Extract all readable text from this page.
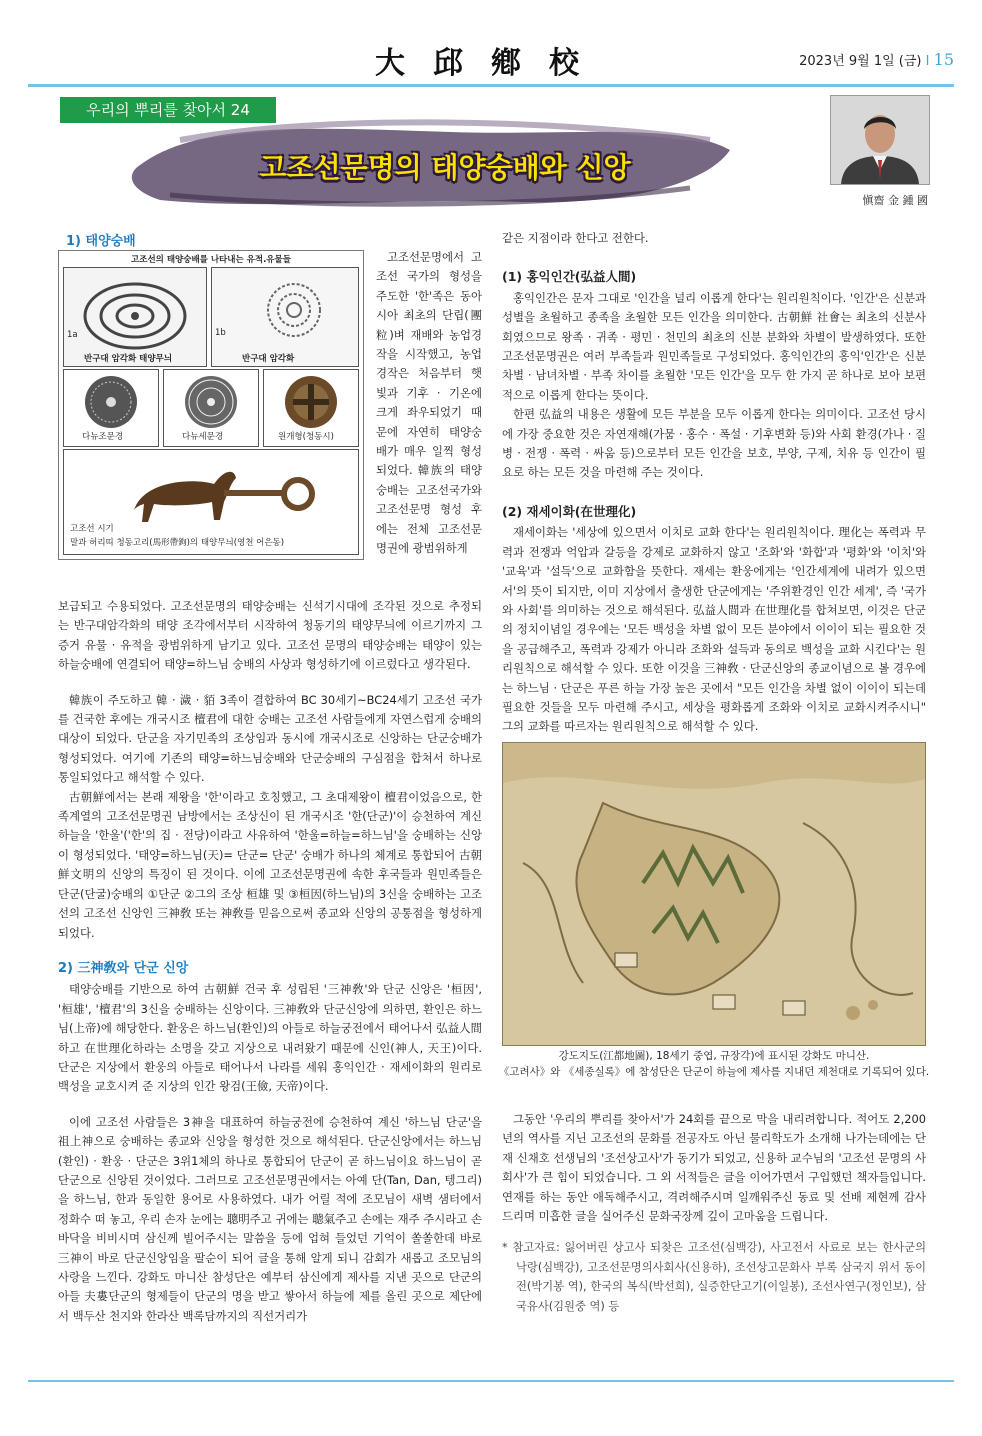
大邱鄕校	2023년 9월 1일 (금) I 15
우리의 뿌리를 찾아서 24
고조선문명의 태양숭배와 신앙
愼齋 金 鍾 國
1) 태양숭배
고조선의 태양숭배를 나타내는 유적.유물들
1a
반구대 암각화 태양무늬
1b
반구대 암각화
다뉴조문경	다뉴세문경	원개형(청동시)
고조선 시기
말과 허리띠 청동고리(馬形帶鉤)의 태양무늬(영천 어은동)

고조선문명에서 고조선 국가의 형성을 주도한 '한'족은 동아시아 최초의 단립(團粒)벼 재배와 농업경작을 시작했고, 농업경작은 처음부터 햇빛과 기후 · 기온에 크게 좌우되었기 때문에 자연히 태양숭배가 매우 일찍 형성되었다. 韓族의 태양숭배는 고조선국가와 고조선문명 형성 후에는 전체 고조선문명권에 광범위하게

보급되고 수용되었다. 고조선문명의 태양숭배는 신석기시대에 조각된 것으로 추정되는 반구대암각화의 태양 조각에서부터 시작하여 청동기의 태양무늬에 이르기까지 그 증거 유물 · 유적을 광범위하게 남기고 있다. 고조선 문명의 태양숭배는 태양이 있는 하늘숭배에 연결되어 태양=하느님 숭배의 사상과 형성하기에 이르렀다고 생각된다.

韓族이 주도하고 韓 · 濊 · 貊 3족이 결합하여 BC 30세기~BC24세기 고조선 국가를 건국한 후에는 개국시조 檀君에 대한 숭배는 고조선 사람들에게 자연스럽게 숭배의 대상이 되었다. 단군을 자기민족의 조상임과 동시에 개국시조로 신앙하는 단군숭배가 형성되었다. 여기에 기존의 태양=하느님숭배와 단군숭배의 구심점을 합쳐서 하나로 통일되었다고 해석할 수 있다.

古朝鮮에서는 본래 제왕을 '한'이라고 호칭했고, 그 초대제왕이 檀君이었음으로, 한족계열의 고조선문명권 남방에서는 조상신이 된 개국시조 '한(단군)'이 승천하여 계신 하늘을 '한울'('한'의 집 · 전당)이라고 사유하여 '한울=하늘=하느님'을 숭배하는 신앙이 형성되었다. '태양=하느님(天)= 단군= 단군' 숭배가 하나의 체계로 통합되어 古朝鮮文明의 신앙의 특징이 된 것이다. 이에 고조선문명권에 속한 후국들과 원민족들은 단군(단굴)숭배의 ①단군 ②그의 조상 桓雄 및 ③桓因(하느님)의 3신을 숭배하는 고조선의 고조선 신앙인 三神敎 또는 神敎를 믿음으로써 종교와 신앙의 공통점을 형성하게 되었다.

2) 三神敎와 단군 신앙

태양숭배를 기반으로 하여 古朝鮮 건국 후 성립된 '三神敎'와 단군 신앙은 '桓因', '桓雄', '檀君'의 3신을 숭배하는 신앙이다. 三神敎와 단군신앙에 의하면, 환인은 하느님(上帝)에 해당한다. 환웅은 하느님(환인)의 아들로 하늘궁전에서 태어나서 弘益人間하고 在世理化하라는 소명을 갖고 지상으로 내려왔기 때문에 신인(神人, 天王)이다. 단군은 지상에서 환웅의 아들로 태어나서 나라를 세워 홍익인간 · 재세이화의 원리로 백성을 교호시켜 준 지상의 인간 왕검(王儉, 天帝)이다.

이에 고조선 사람들은 3神을 대표하여 하늘궁전에 승천하여 계신 '하느님 단군'을 祖上神으로 숭배하는 종교와 신앙을 형성한 것으로 해석된다. 단군신앙에서는 하느님(환인) · 환웅 · 단군은 3위1체의 하나로 통합되어 단군이 곧 하느님이요 하느님이 곧 단군으로 신앙된 것이었다. 그러므로 고조선문명권에서는 아예 단(Tan, Dan, 텡그리)을 하느님, 한과 동일한 용어로 사용하였다. 내가 어릴 적에 조모님이 새벽 샘터에서 정화수 떠 놓고, 우리 손자 눈에는 聰明주고 귀에는 聰氣주고 손에는 재주 주시라고 손바닥을 비비시며 삼신께 빌어주시는 말씀을 등에 업혀 들었던 기억이 쏠쏠한데 바로 三神이 바로 단군신앙임을 팔순이 되어 글을 통해 알게 되니 감회가 새롭고 조모님의 사랑을 느낀다. 강화도 마니산 참성단은 예부터 삼신에게 제사를 지낸 곳으로 단군의 아들 夫婁단군의 형제들이 단군의 명을 받고 쌓아서 하늘에 제를 올린 곳으로 제단에서 백두산 천지와 한라산 백록담까지의 직선거리가

같은 지점이라 한다고 전한다.

(1) 홍익인간(弘益人間)

홍익인간은 문자 그대로 '인간을 널리 이롭게 한다'는 원리원칙이다. '인간'은 신분과 성별을 초월하고 종족을 초월한 모든 인간을 의미한다. 古朝鮮 社會는 최초의 신분사회였으므로 왕족 · 귀족 · 평민 · 천민의 최초의 신분 분화와 차별이 발생하였다. 또한 고조선문명권은 여러 부족들과 원민족들로 구성되었다. 홍익인간의 홍익'인간'은 신분차별 · 남녀차별 · 부족 차이를 초월한 '모든 인간'을 모두 한 가지 곧 하나로 보아 보편적으로 이롭게 한다는 뜻이다.

한편 弘益의 내용은 생활에 모든 부분을 모두 이롭게 한다는 의미이다. 고조선 당시에 가장 중요한 것은 자연재해(가뭄 · 홍수 · 폭설 · 기후변화 등)와 사회 환경(가나 · 질병 · 전쟁 · 폭력 · 싸움 등)으로부터 모든 인간을 보호, 부양, 구제, 치유 등 인간이 필요로 하는 모든 것을 마련해 주는 것이다.

(2) 재세이화(在世理化)

재세이화는 '세상에 있으면서 이치로 교화 한다'는 원리원칙이다. 理化는 폭력과 무력과 전쟁과 억압과 갈등을 강제로 교화하지 않고 '조화'와 '화합'과 '평화'와 '이치'와 '교육'과 '설득'으로 교화함을 뜻한다. 재세는 환웅에게는 '인간세계에 내려가 있으면서'의 뜻이 되지만, 이미 지상에서 출생한 단군에게는 '주위환경인 인간 세계', 즉 '국가와 사회'를 의미하는 것으로 해석된다. 弘益人間과 在世理化를 합쳐보면, 이것은 단군의 정치이념일 경우에는 '모든 백성을 차별 없이 모든 분야에서 이이이 되는 필요한 것을 공급해주고, 폭력과 강제가 아니라 조화와 설득과 동의로 백성을 교화 시킨다'는 원리원칙으로 해석할 수 있다. 또한 이것을 三神敎 · 단군신앙의 종교이념으로 볼 경우에는 하느님 · 단군은 푸른 하늘 가장 높은 곳에서 "모든 인간을 차별 없이 이이이 되는데 필요한 것들을 모두 마련해 주시고, 세상을 평화롭게 조화와 이치로 교화시켜주시니" 그의 교화를 따르자는 원리원칙으로 해석할 수 있다.

강도지도(江都地圖), 18세기 중엽, 규장각)에 표시된 강화도 마니산.
《고려사》와 《세종실록》에 참성단은 단군이 하늘에 제사를 지내던 제천대로 기록되어 있다.

그동안 '우리의 뿌리를 찾아서'가 24회를 끝으로 막을 내리려합니다. 적어도 2,200년의 역사를 지닌 고조선의 문화를 전공자도 아닌 물리학도가 소개해 나가는데에는 단재 신채호 선생님의 '조선상고사'가 동기가 되었고, 신용하 교수님의 '고조선 문명의 사회사'가 큰 힘이 되었습니다. 그 외 서적들은 글을 이어가면서 구입했던 책자들입니다. 연재를 하는 동안 애독해주시고, 격려해주시며 일깨워주신 동료 및 선배 제현께 감사드리며 미흡한 글을 실어주신 문화국장께 깊이 고마움을 드립니다.

* 참고자료: 잃어버린 상고사 되찾은 고조선(심백강), 사고전서 사료로 보는 한사군의 낙랑(심백강), 고조선문명의사회사(신용하), 조선상고문화사 부록 삼국지 위서 동이전(박기봉 역), 한국의 복식(박선희), 실증한단고기(이일봉), 조선사연구(정인보), 삼국유사(김원중 역) 등
